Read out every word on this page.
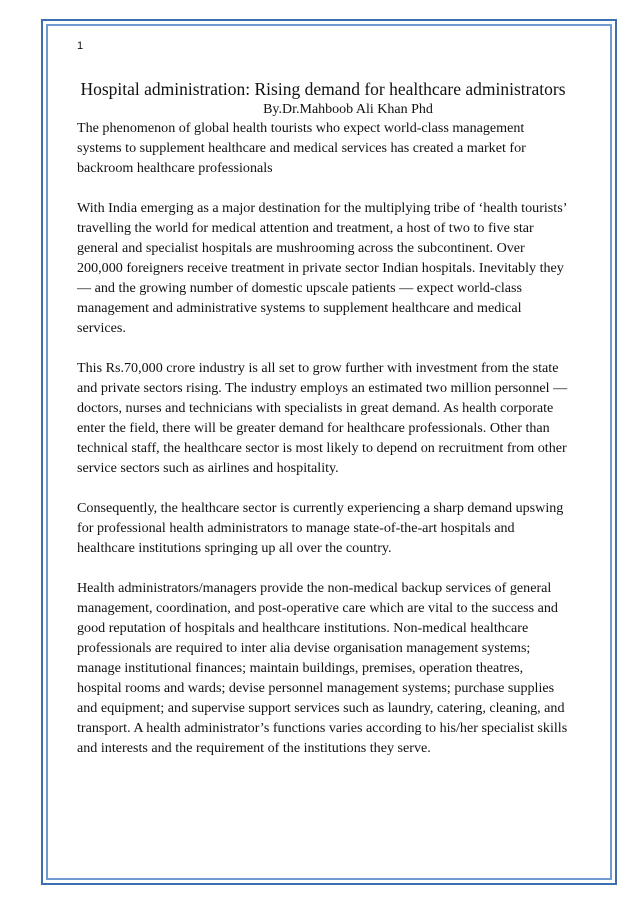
1
Hospital administration: Rising demand for healthcare administrators
By.Dr.Mahboob Ali Khan Phd

The phenomenon of global health tourists who expect world-class management systems to supplement healthcare and medical services has created a market for backroom healthcare professionals

With India emerging as a major destination for the multiplying tribe of ‘health tourists’ travelling the world for medical attention and treatment, a host of two to five star general and specialist hospitals are mushrooming across the subcontinent. Over 200,000 foreigners receive treatment in private sector Indian hospitals. Inevitably they — and the growing number of domestic upscale patients — expect world-class management and administrative systems to supplement healthcare and medical services.

This Rs.70,000 crore industry is all set to grow further with investment from the state and private sectors rising. The industry employs an estimated two million personnel — doctors, nurses and technicians with specialists in great demand. As health corporate enter the field, there will be greater demand for healthcare professionals. Other than technical staff, the healthcare sector is most likely to depend on recruitment from other service sectors such as airlines and hospitality.

Consequently, the healthcare sector is currently experiencing a sharp demand upswing for professional health administrators to manage state-of-the-art hospitals and healthcare institutions springing up all over the country.

Health administrators/managers provide the non-medical backup services of general management, coordination, and post-operative care which are vital to the success and good reputation of hospitals and healthcare institutions. Non-medical healthcare professionals are required to inter alia devise organisation management systems; manage institutional finances; maintain buildings, premises, operation theatres, hospital rooms and wards; devise personnel management systems; purchase supplies and equipment; and supervise support services such as laundry, catering, cleaning, and transport. A health administrator’s functions varies according to his/her specialist skills and interests and the requirement of the institutions they serve.
